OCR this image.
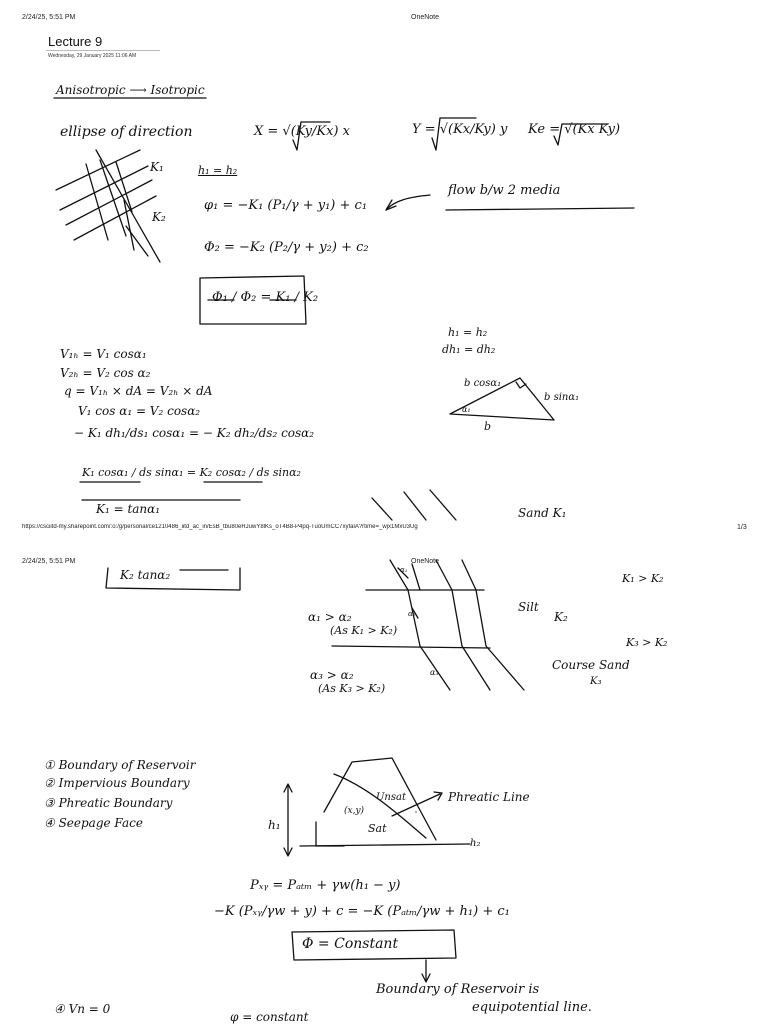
2/24/25, 5:51 PM	OneNote
Lecture 9
Wednesday, 29 January 2025 11:06 AM
Anisotropic ⟶ Isotropic
ellipse of direction	X = √(Ky/Kx) x	Y = √(Kx/Ky) y Ke = √(Kx Ky)
K₁
K₂
h₁ = h₂
φ₁ = −K₁ (P₁/γ + y₁) + c₁
Φ₂ = −K₂ (P₂/γ + y₂) + c₂
flow b/w 2 media
Φ₁ / Φ₂ = K₁ / K₂
h₁ = h₂
dh₁ = dh₂
b cosα₁
b sinα₁
b
α₁
V₁ₕ = V₁ cosα₁
V₂ₕ = V₂ cos α₂
q = V₁ₕ × dA = V₂ₕ × dA
V₁ cos α₁ = V₂ cosα₂
− K₁ dh₁/ds₁ cosα₁ = − K₂ dh₂/ds₂ cosα₂
K₁ cosα₁ / ds sinα₁ = K₂ cosα₂ / ds sinα₂
K₁ = tanα₁	Sand K₁
https://csciitd-my.sharepoint.com/:o:/g/personal/ce1210486_iitd_ac_in/EsB_tbu80eRJuwY8lKs_oT4B8-P4pq-TuoUmCC7xyfalA?rtime=_wjx1MxU3Ug	1/3
2/24/25, 5:51 PM	OneNote
K₂ tanα₂	K₁ > K₂
α₁ > α₂
(As K₁ > K₂)
Silt
K₂
K₃ > K₂
α₃ > α₂
(As K₃ > K₂)
Course Sand
K₃
α₁
α₂
α₃
① Boundary of Reservoir
② Impervious Boundary
③ Phreatic Boundary
④ Seepage Face
Unsat
Sat
(x,y)
Phreatic Line
h₁
h₂
Pₓᵧ = Pₐₜₘ + γw(h₁ − y)
−K (Pₓᵧ/γw + y) + c = −K (Pₐₜₘ/γw + h₁) + c₁
Φ = Constant
Boundary of Reservoir is
equipotential line.
④ Vn = 0
φ = constant
